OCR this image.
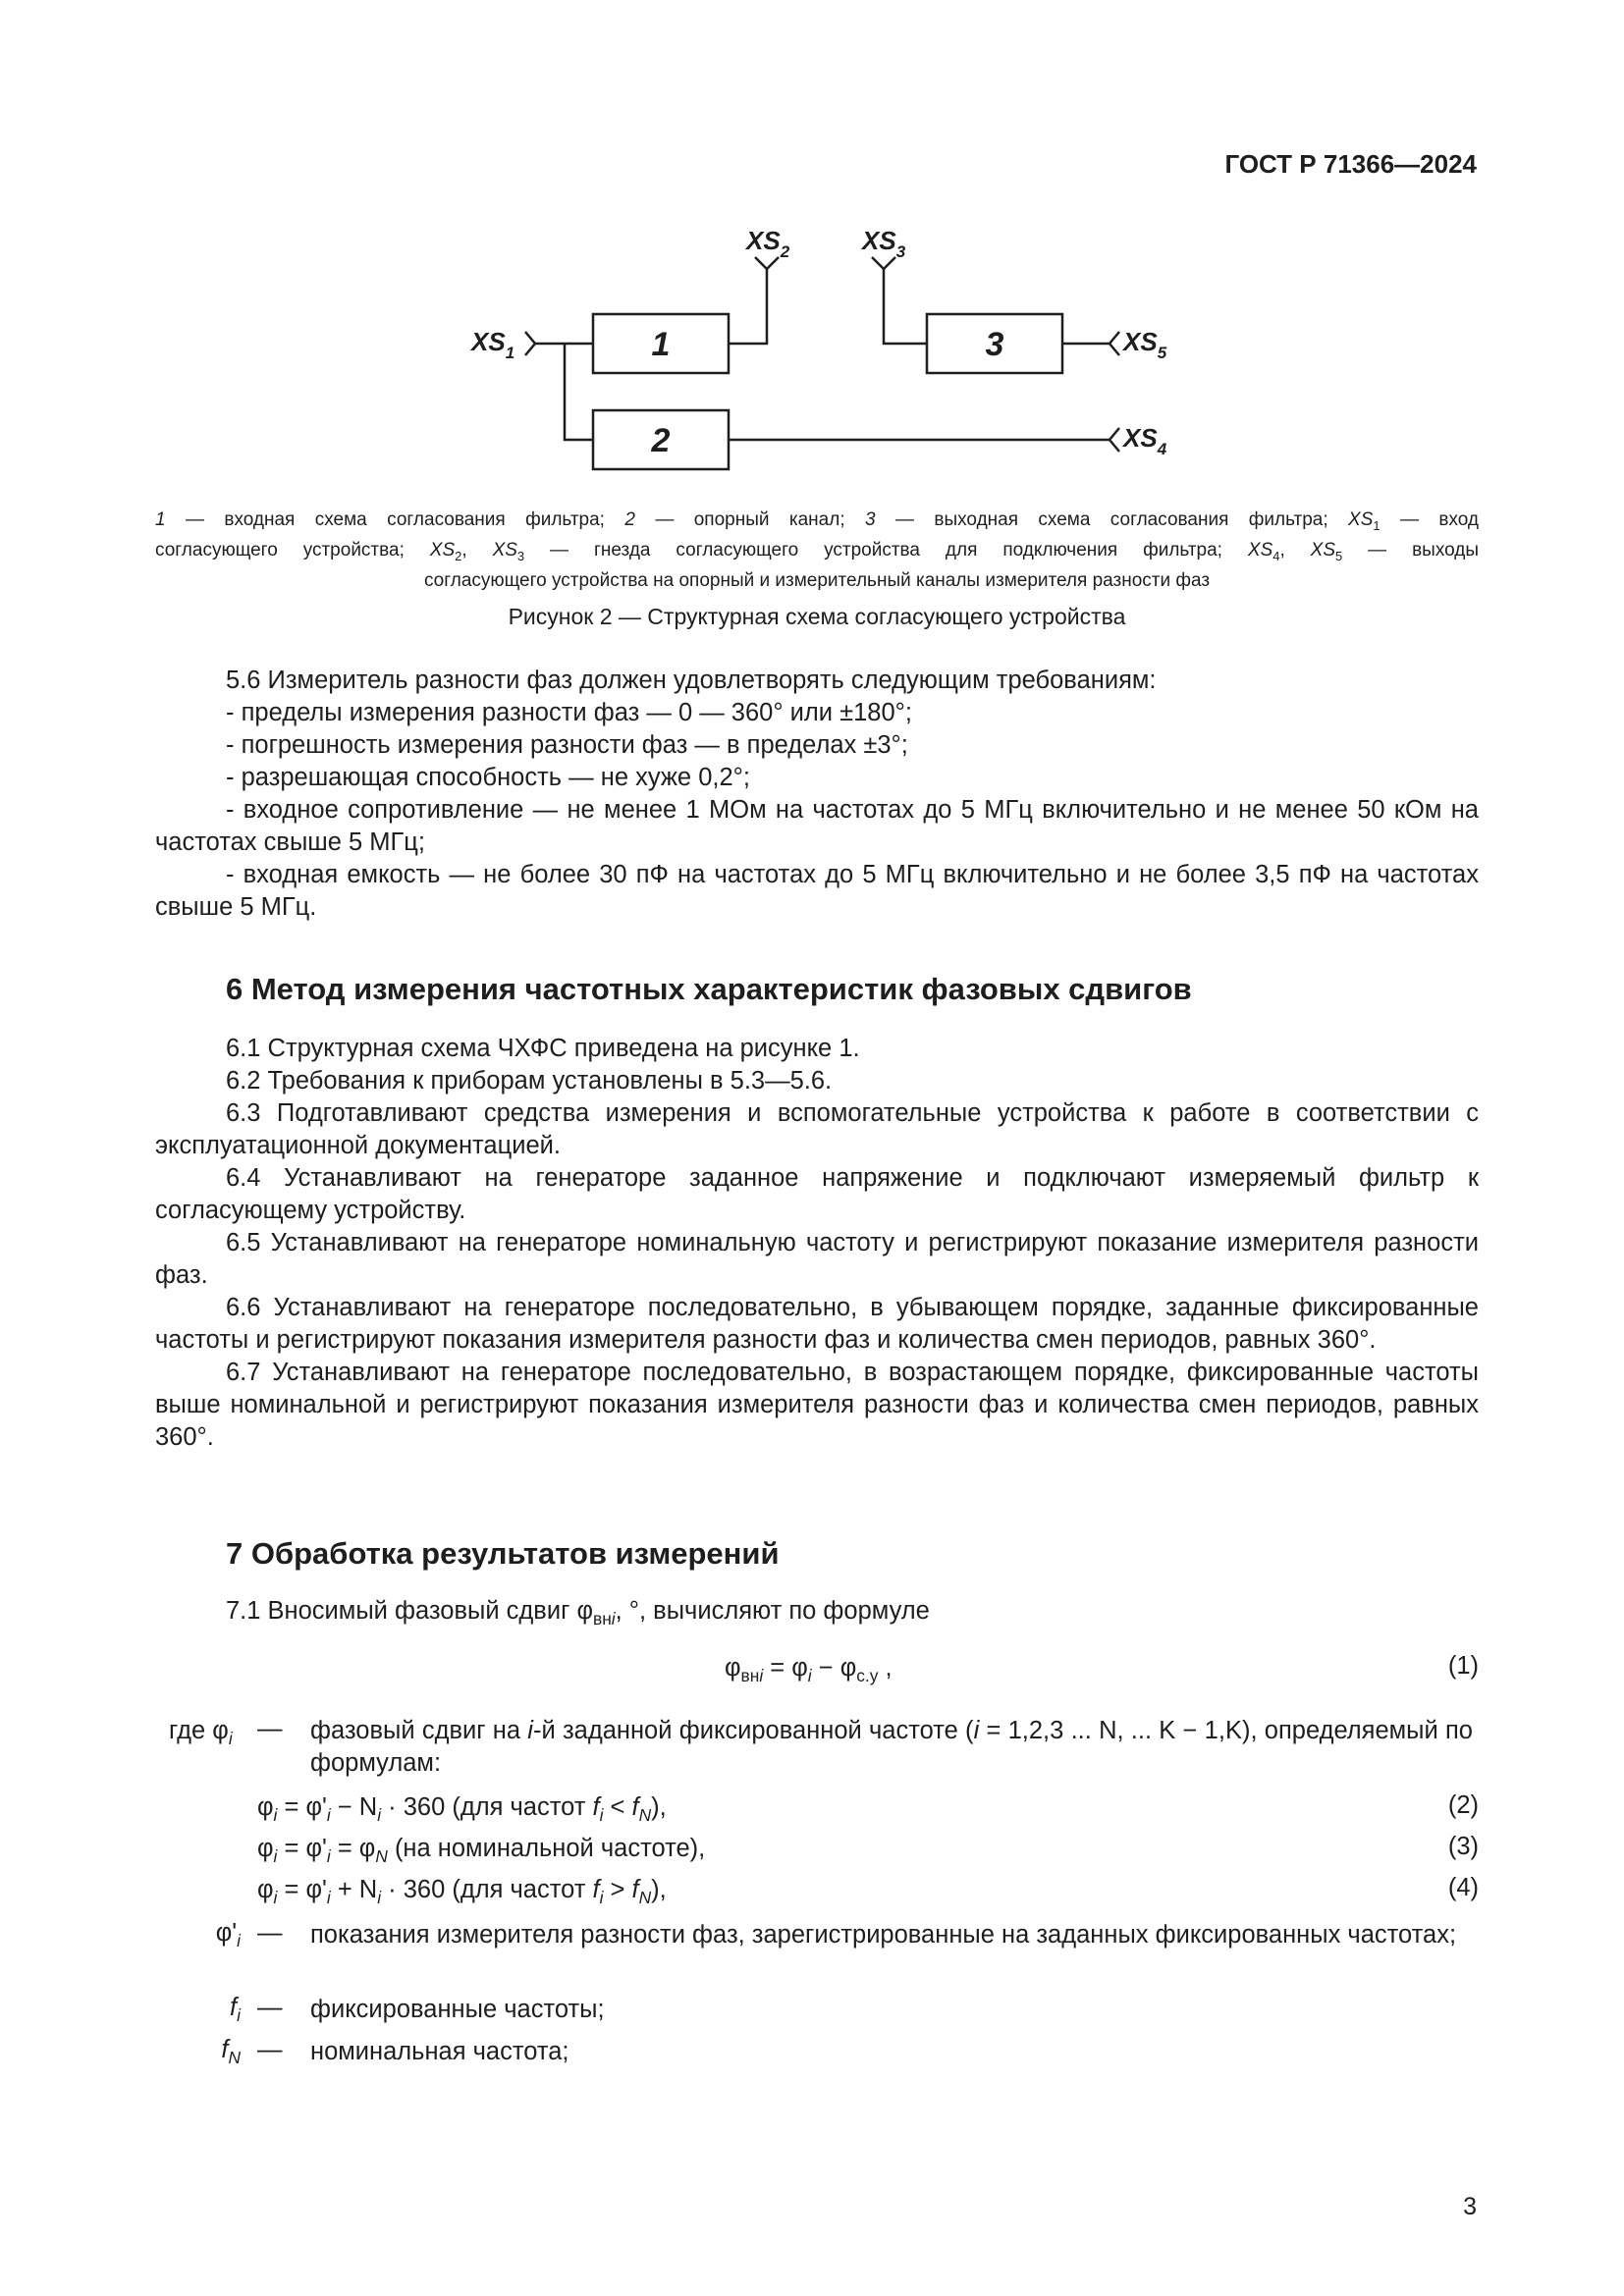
ГОСТ Р 71366—2024
1
2
3
$XS_1$
$XS_2$	$XS_3$
$XS_5$
$XS_4$
1 — входная схема согласования фильтра; 2 — опорный канал; 3 — выходная схема согласования фильтра; $XS_1$ — вход
согласующего устройства; $XS_2$, $XS_3$ — гнезда согласующего устройства для подключения фильтра; $XS_4$, $XS_5$ — выходы
согласующего устройства на опорный и измерительный каналы измерителя разности фаз
Рисунок 2 — Структурная схема согласующего устройства

5.6 Измеритель разности фаз должен удовлетворять следующим требованиям:

- пределы измерения разности фаз — 0 — 360° или ±180°;

- погрешность измерения разности фаз — в пределах ±3°;

- разрешающая способность — не хуже 0,2°;

- входное сопротивление — не менее 1 МОм на частотах до 5 МГц включительно и не менее 50 кОм на частотах свыше 5 МГц;

- входная емкость — не более 30 пФ на частотах до 5 МГц включительно и не более 3,5 пФ на частотах свыше 5 МГц.

6 Метод измерения частотных характеристик фазовых сдвигов

6.1 Структурная схема ЧХФС приведена на рисунке 1.

6.2 Требования к приборам установлены в 5.3—5.6.

6.3 Подготавливают средства измерения и вспомогательные устройства к работе в соответствии с эксплуатационной документацией.

6.4 Устанавливают на генераторе заданное напряжение и подключают измеряемый фильтр к согласующему устройству.

6.5 Устанавливают на генераторе номинальную частоту и регистрируют показание измерителя разности фаз.

6.6 Устанавливают на генераторе последовательно, в убывающем порядке, заданные фиксированные частоты и регистрируют показания измерителя разности фаз и количества смен периодов, равных 360°.

6.7 Устанавливают на генераторе последовательно, в возрастающем порядке, фиксированные частоты выше номинальной и регистрируют показания измерителя разности фаз и количества смен периодов, равных 360°.

7 Обработка результатов измерений
7.1 Вносимый фазовый сдвиг $\varphi_{внi}$, °, вычисляют по формуле
$\varphi_{внi} = \varphi_i - \varphi_{с.у}$ ,	(1)
где $\varphi_i$ — фазовый сдвиг на i-й заданной фиксированной частоте (i = 1,2,3 ... N, ... K − 1,K), определяемый по формулам:
$\varphi_i = \varphi'_i - N_i \cdot 360$ (для частот $f_i < f_N$),	(2)
$\varphi_i = \varphi'_i = \varphi_N$ (на номинальной частоте),	(3)
$\varphi_i = \varphi'_i + N_i \cdot 360$ (для частот $f_i > f_N$),	(4)
$\varphi'_i$ — показания измерителя разности фаз, зарегистрированные на заданных фиксированных частотах;
$f_i$ — фиксированные частоты;
$f_N$ — номинальная частота;
3
